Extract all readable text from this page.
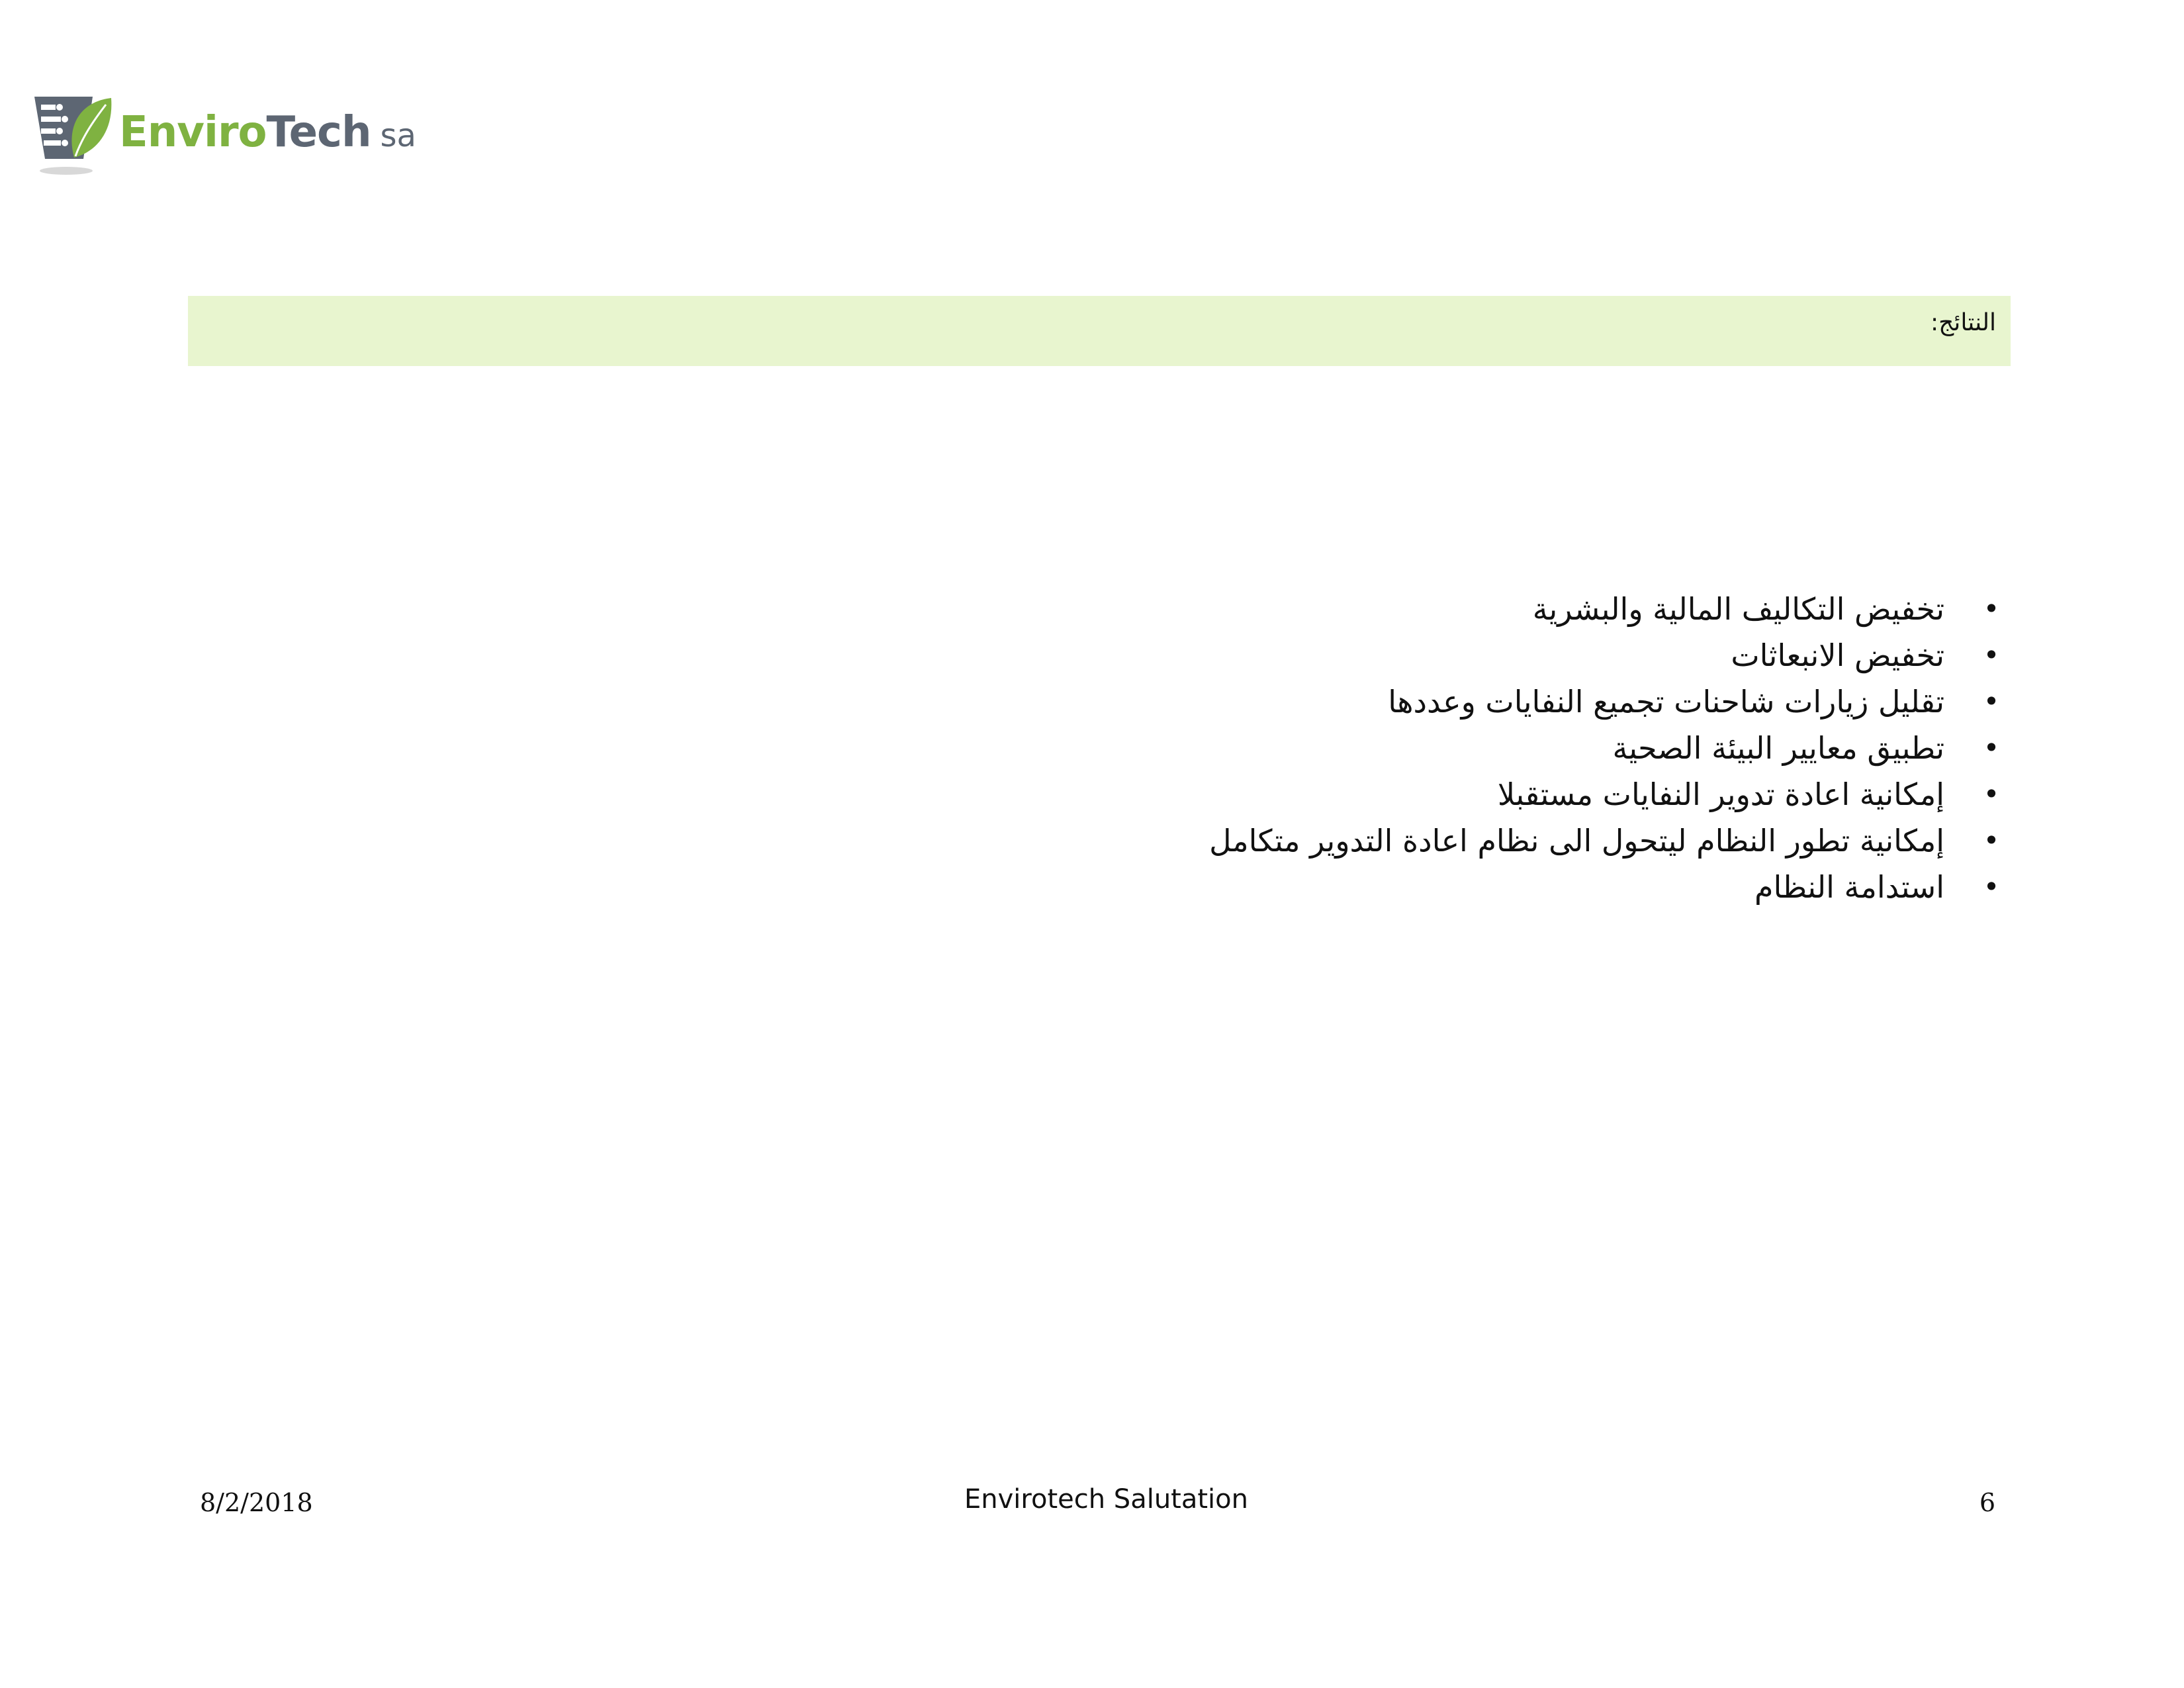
EnviroTech sa
النتائج:
•
تخفيض التكاليف المالية والبشرية
•
تخفيض الانبعاثات
•
تقليل زيارات شاحنات تجميع النفايات وعددها
•
تطبيق معايير البيئة الصحية
•
إمكانية اعادة تدوير النفايات مستقبلا
•
إمكانية تطور النظام ليتحول الى نظام اعادة التدوير متكامل
•
استدامة النظام
8/2/2018	Envirotech Salutation	6
